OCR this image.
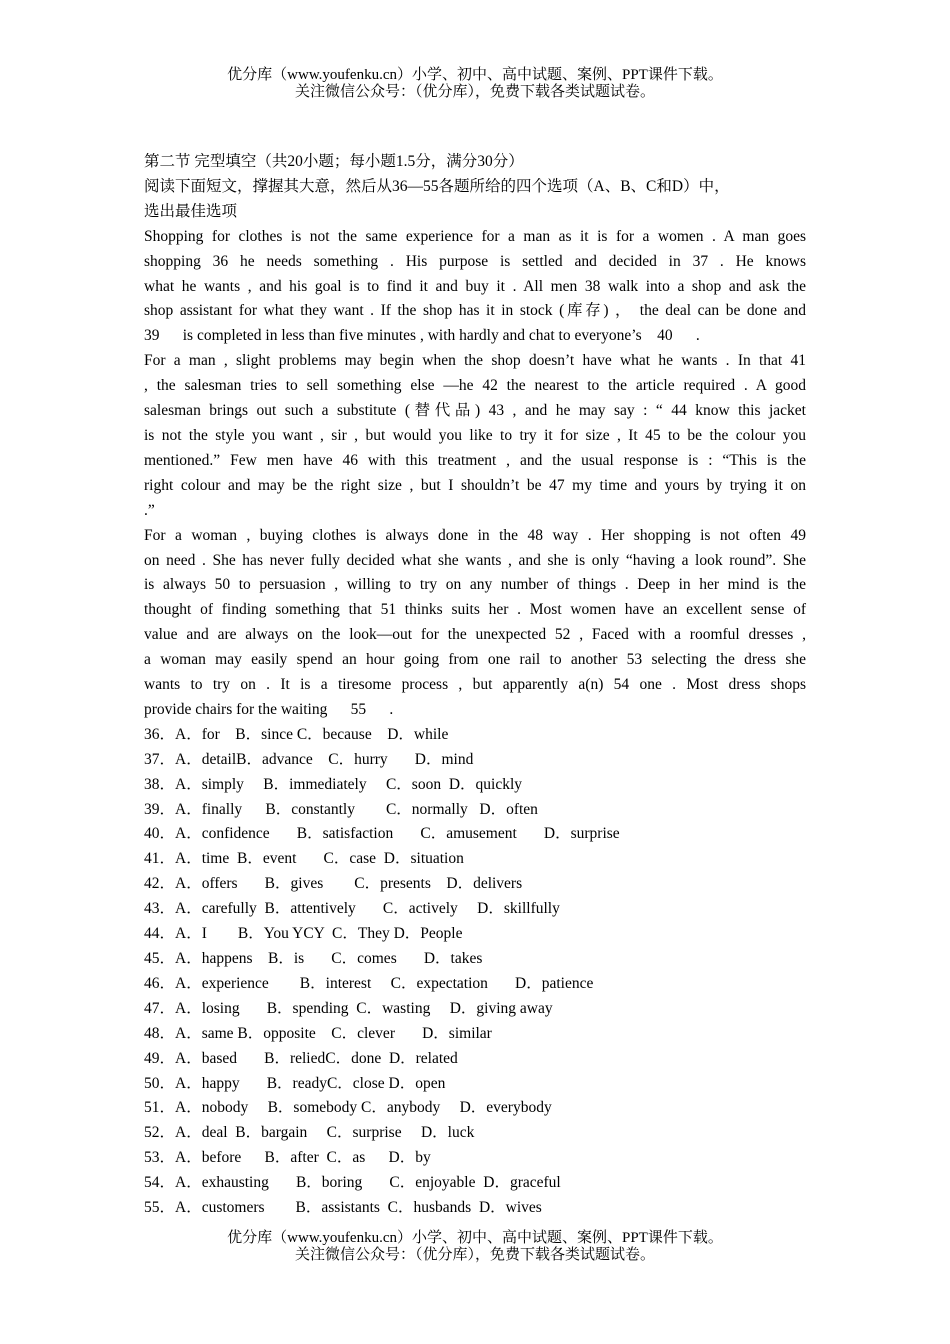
优分库（www.youfenku.cn）小学、初中、高中试题、案例、PPT课件下载。
关注微信公众号：（优分库），免费下载各类试题试卷。
第二节 完型填空（共20小题；每小题1.5分，满分30分）
阅读下面短文，撑握其大意，然后从36—55各题所给的四个选项（A、B、C和D）中，
选出最佳选项
Shopping for clothes is not the same experience for a man as it is for a women . A man goes
shopping 36 he needs something . His purpose is settled and decided in 37 . He knows
what he wants , and his goal is to find it and buy it . All men 38 walk into a shop and ask the
shop assistant for what they want . If the shop has it in stock (库存) ， the deal can be done and
39      is completed in less than five minutes , with hardly and chat to everyone’s    40      .
For a man , slight problems may begin when the shop doesn’t have what he wants . In that 41
, the salesman tries to sell something else —he 42 the nearest to the article required . A good
salesman brings out such a substitute (替代品) 43 , and he may say : “ 44 know this jacket
is not the style you want , sir , but would you like to try it for size , It 45 to be the colour you
mentioned.” Few men have 46 with this treatment , and the usual response is : “This is the
right colour and may be the right size , but I shouldn’t be 47 my time and yours by trying it on
.”
For a woman , buying clothes is always done in the 48 way . Her shopping is not often 49
on need . She has never fully decided what she wants , and she is only “having a look round”. She
is always 50 to persuasion , willing to try on any number of things . Deep in her mind is the
thought of finding something that 51 thinks suits her . Most women have an excellent sense of
value and are always on the look—out for the unexpected 52 , Faced with a roomful dresses ,
a woman may easily spend an hour going from one rail to another 53 selecting the dress she
wants to try on . It is a tiresome process , but apparently a(n) 54 one . Most dress shops
provide chairs for the waiting      55      .
36．A．for    B．since C．because    D．while
37．A．detailB．advance    C．hurry       D．mind
38．A．simply     B．immediately     C．soon  D．quickly
39．A．finally      B．constantly        C．normally   D．often
40．A．confidence       B．satisfaction       C．amusement       D．surprise
41．A．time  B．event       C．case  D．situation
42．A．offers       B．gives        C．presents    D．delivers
43．A．carefully  B．attentively       C．actively     D．skillfully
44．A．I        B．You YCY  C．They D．People
45．A．happens    B．is       C．comes       D．takes
46．A．experience        B．interest     C．expectation       D．patience
47．A．losing       B．spending  C．wasting     D．giving away
48．A．same B．opposite    C．clever       D．similar
49．A．based       B．reliedC．done  D．related
50．A．happy       B．readyC．close D．open
51．A．nobody     B．somebody C．anybody     D．everybody
52．A．deal  B．bargain     C．surprise     D．luck
53．A．before      B．after  C．as      D．by
54．A．exhausting       B．boring       C．enjoyable  D．graceful
55．A．customers        B．assistants  C．husbands  D．wives
优分库（www.youfenku.cn）小学、初中、高中试题、案例、PPT课件下载。
关注微信公众号：（优分库），免费下载各类试题试卷。
